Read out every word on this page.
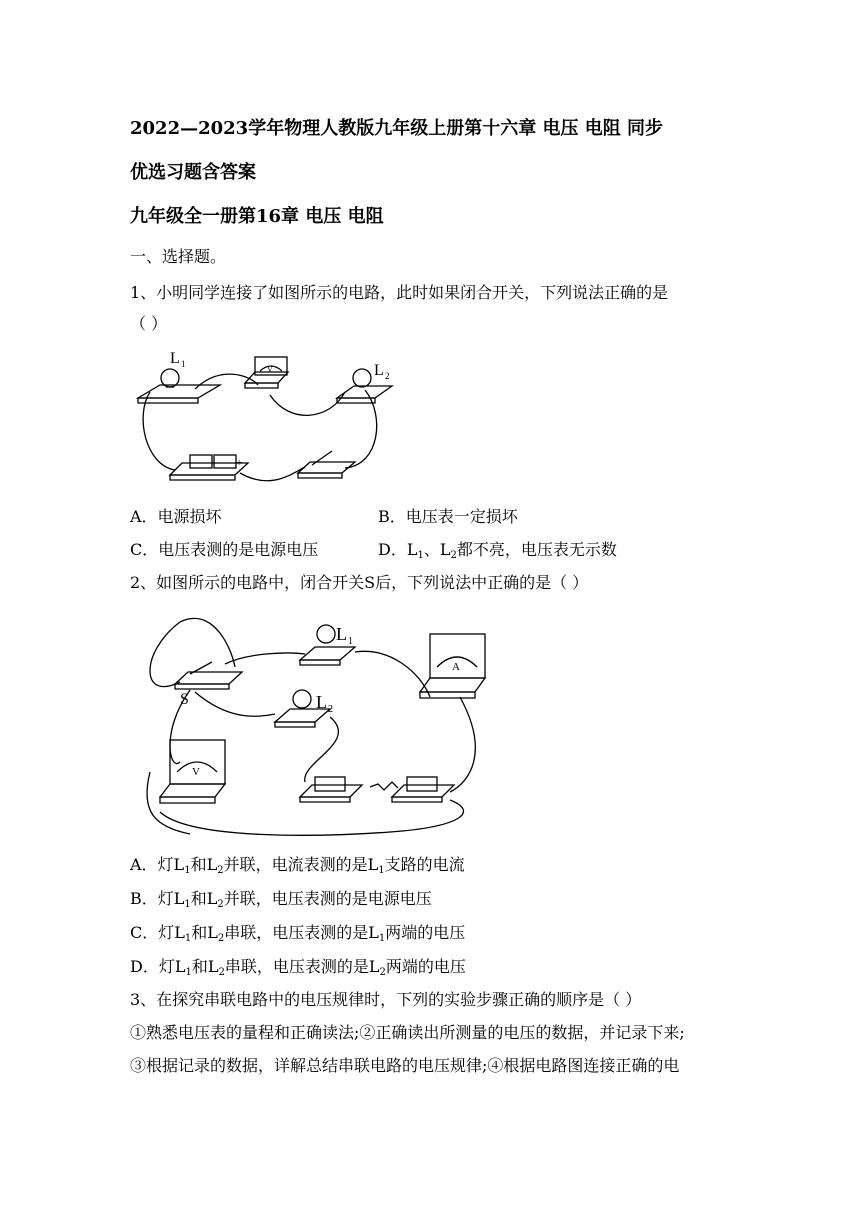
2022—2023学年物理人教版九年级上册第十六章 电压 电阻 同步
优选习题含答案
九年级全一册第16章 电压 电阻
一、选择题。
1、小明同学连接了如图所示的电路，此时如果闭合开关，下列说法正确的是
（ ）
L 1	L 2
V
+
A．电源损坏	B．电压表一定损坏
C．电压表测的是电源电压	D．$L_1$、$L_2$都不亮，电压表无示数
2、如图所示的电路中，闭合开关S后，下列说法中正确的是（ ）
L 1
L 2
S
A
V
A．灯$L_1$和$L_2$并联，电流表测的是$L_1$支路的电流
B．灯$L_1$和$L_2$并联，电压表测的是电源电压
C．灯$L_1$和$L_2$串联，电压表测的是$L_1$两端的电压
D．灯$L_1$和$L_2$串联，电压表测的是$L_2$两端的电压
3、在探究串联电路中的电压规律时，下列的实验步骤正确的顺序是（ ）
①熟悉电压表的量程和正确读法;②正确读出所测量的电压的数据，并记录下来;
③根据记录的数据，详解总结串联电路的电压规律;④根据电路图连接正确的电
